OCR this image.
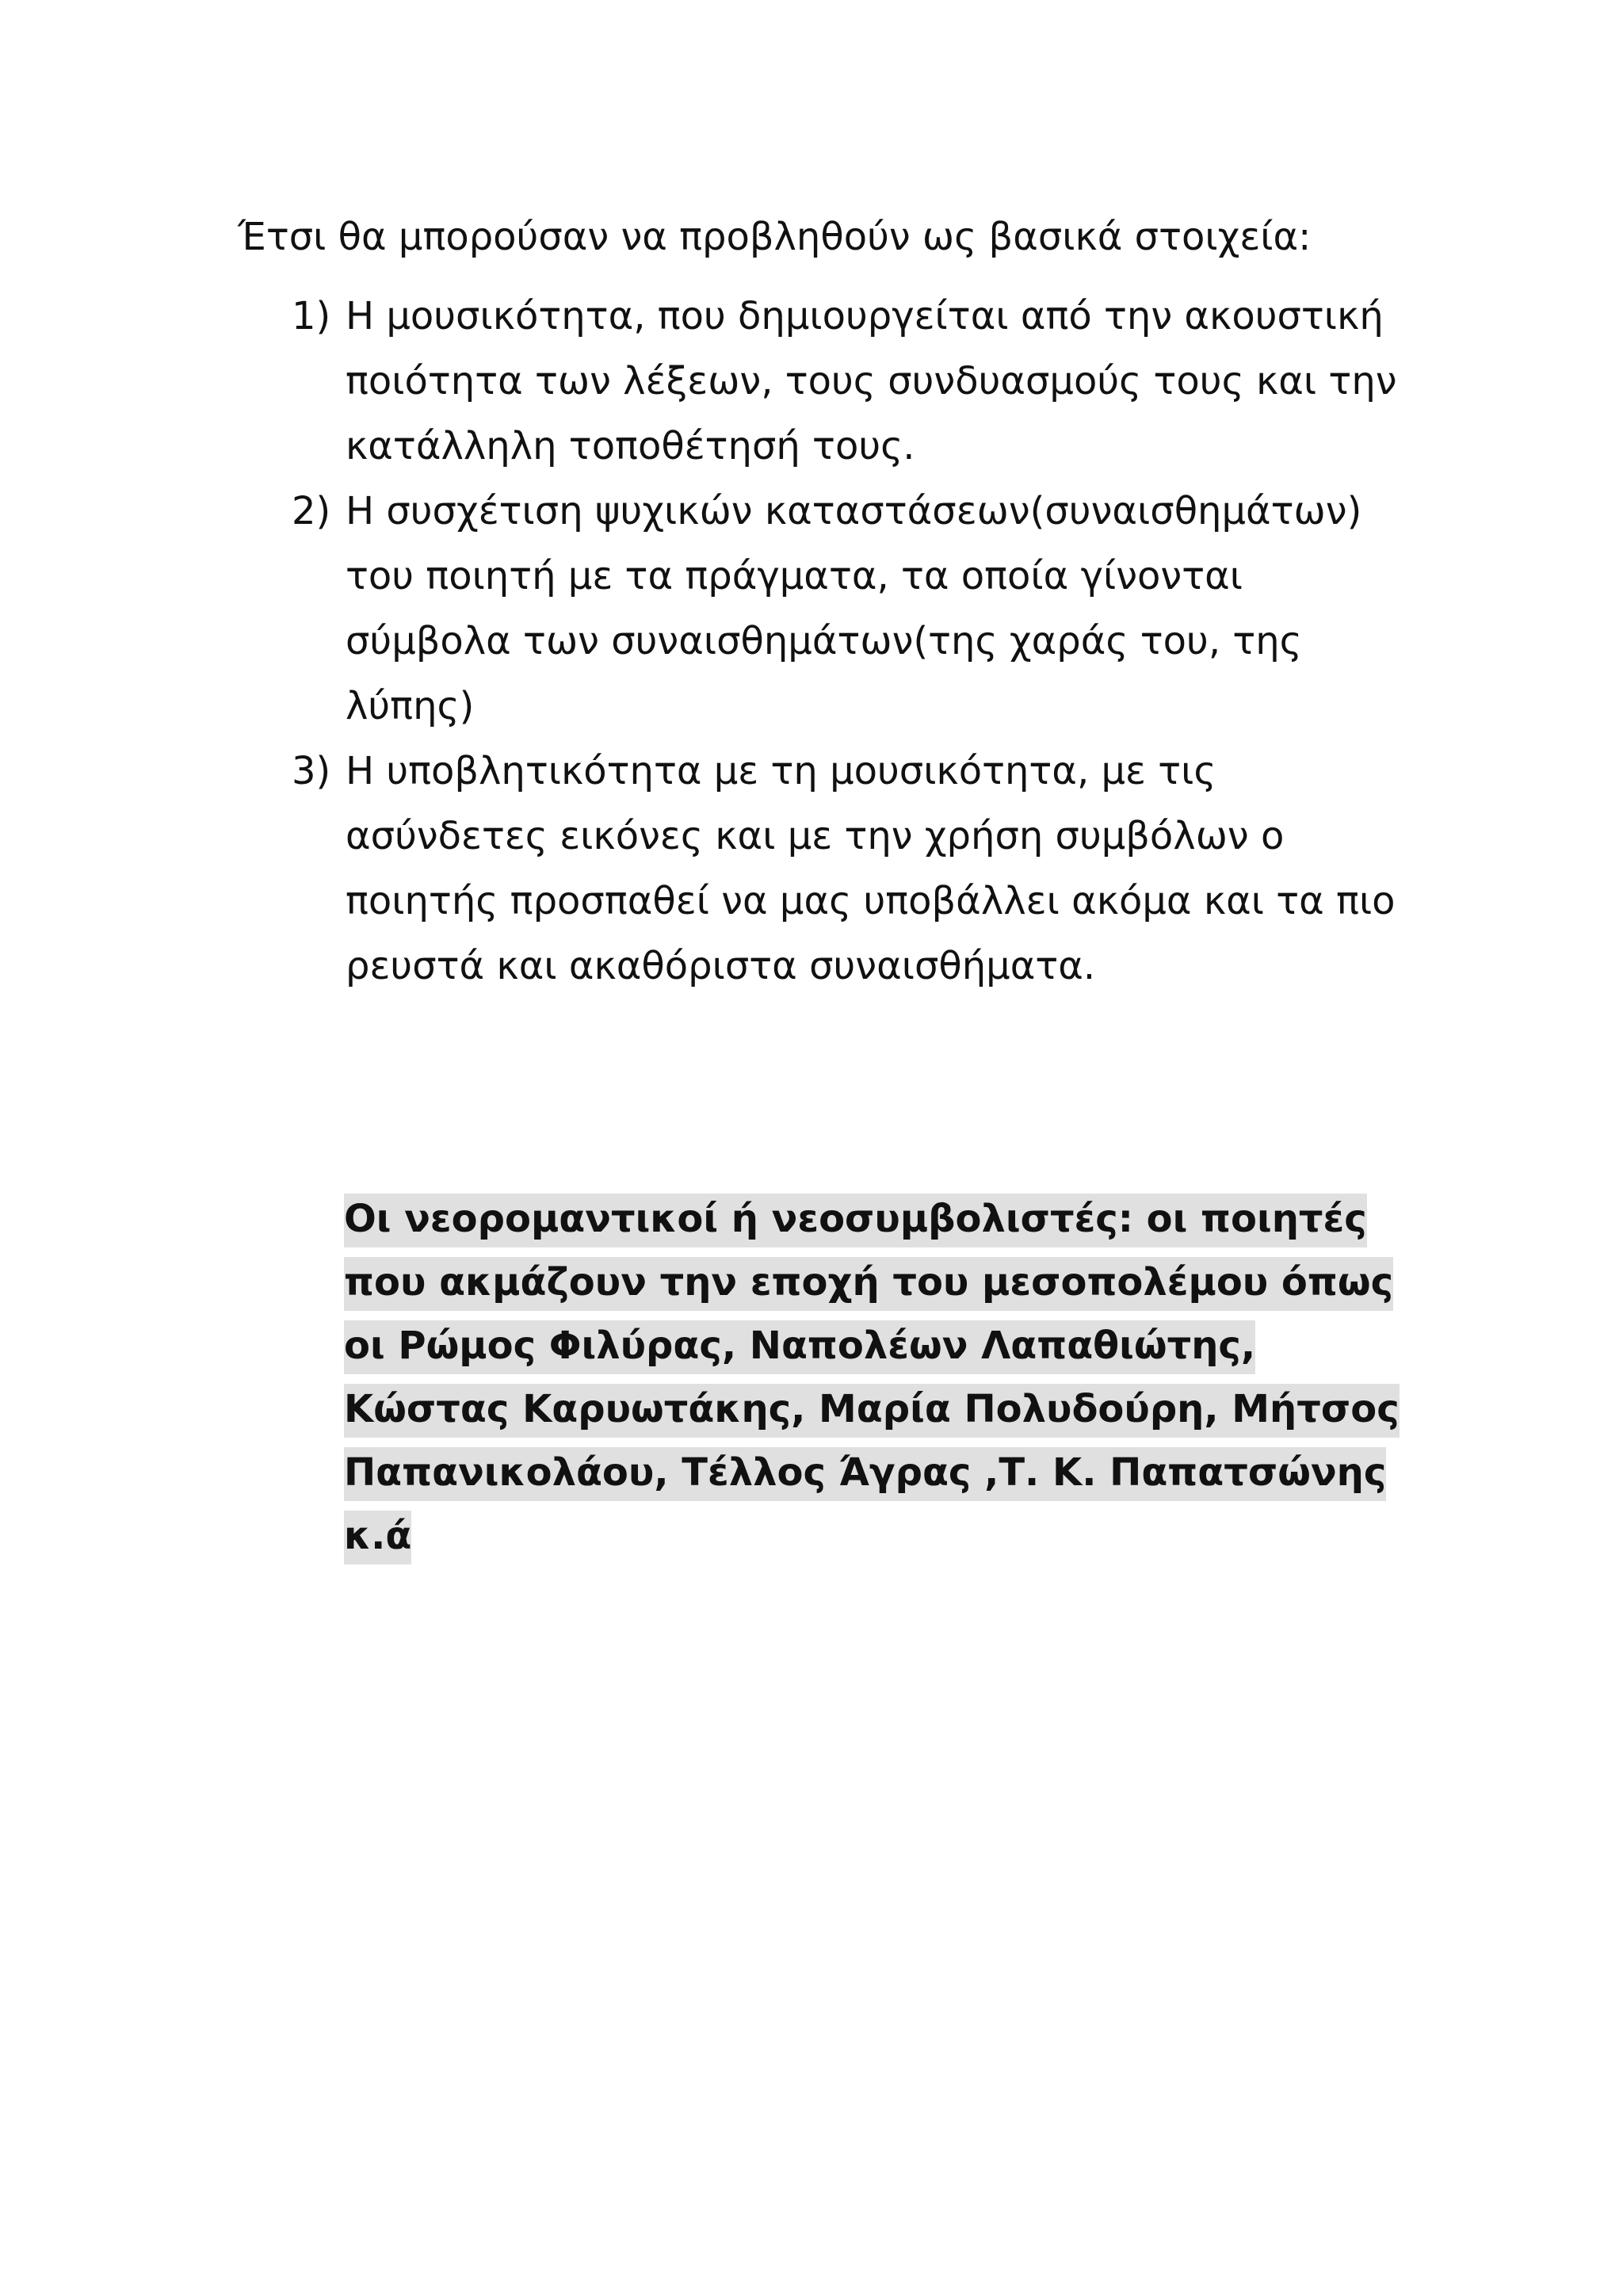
Έτσι θα μπορούσαν να προβληθούν ως βασικά στοιχεία:

1) Η μουσικότητα, που δημιουργείται από την ακουστική ποιότητα των λέξεων, τους συνδυασμούς τους και την κατάλληλη τοποθέτησή τους.
2) Η συσχέτιση ψυχικών καταστάσεων(συναισθημάτων) του ποιητή με τα πράγματα, τα οποία γίνονται σύμβολα των συναισθημάτων(της χαράς του, της λύπης)
3) Η υποβλητικότητα με τη μουσικότητα, με τις ασύνδετες εικόνες και με την χρήση συμβόλων ο ποιητής προσπαθεί να μας υποβάλλει ακόμα και τα πιο ρευστά και ακαθόριστα συναισθήματα.

Οι νεορομαντικοί ή νεοσυμβολιστές: οι ποιητές που ακμάζουν την εποχή του μεσοπολέμου όπως οι Ρώμος Φιλύρας, Ναπολέων Λαπαθιώτης, Κώστας Καρυωτάκης, Μαρία Πολυδούρη, Μήτσος Παπανικολάου, Τέλλος Άγρας ,Τ. Κ. Παπατσώνης κ.ά
